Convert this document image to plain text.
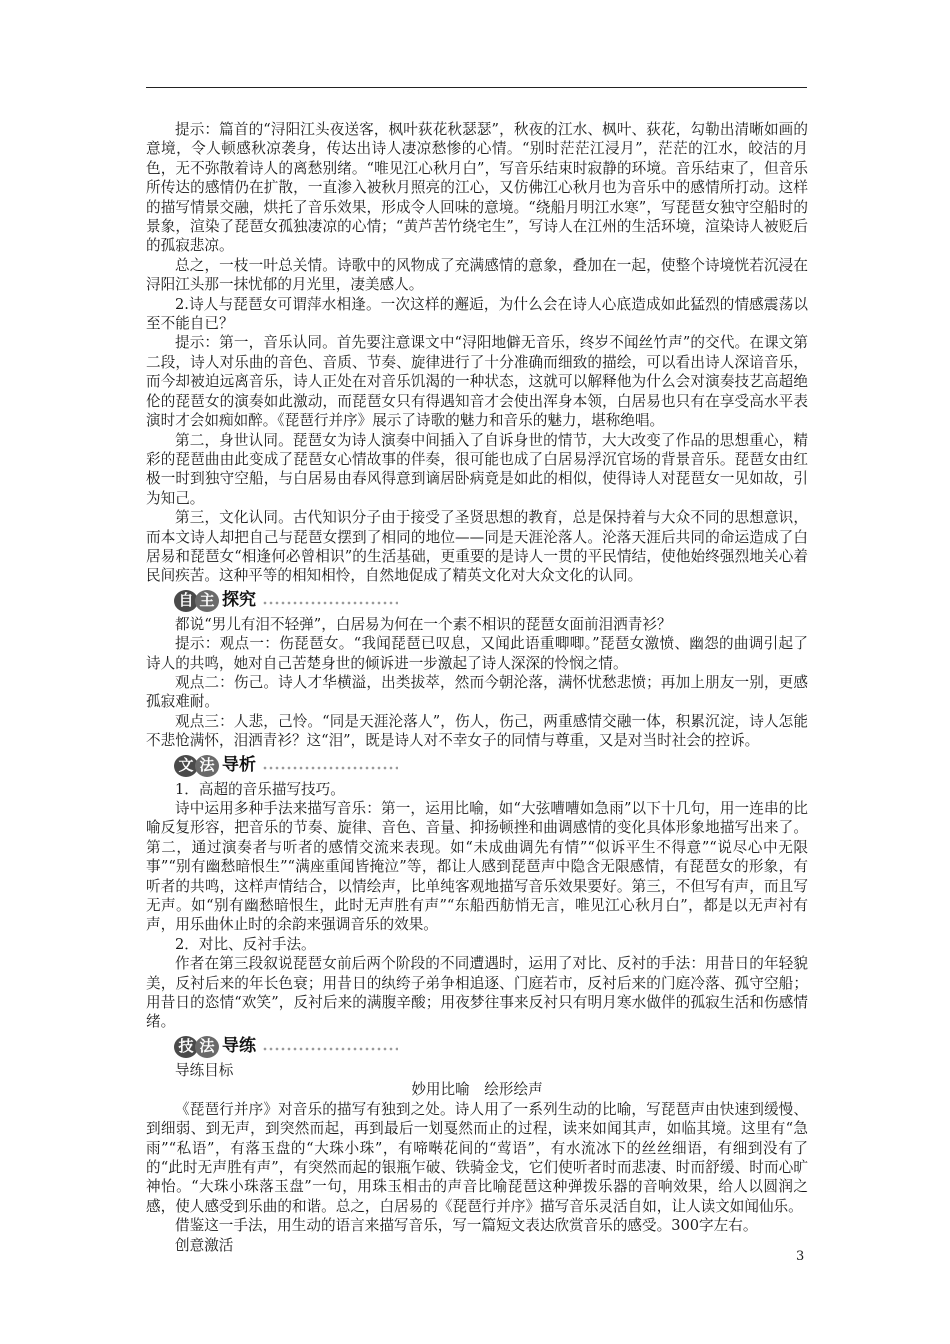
提示：篇首的“浔阳江头夜送客，枫叶荻花秋瑟瑟”，秋夜的江水、枫叶、荻花，勾勒出清晰如画的意境，令人顿感秋凉袭身，传达出诗人凄凉愁惨的心情。“别时茫茫江浸月”，茫茫的江水，皎洁的月色，无不弥散着诗人的离愁别绪。“唯见江心秋月白”，写音乐结束时寂静的环境。音乐结束了，但音乐所传达的感情仍在扩散，一直渗入被秋月照亮的江心，又仿佛江心秋月也为音乐中的感情所打动。这样的描写情景交融，烘托了音乐效果，形成令人回味的意境。“绕船月明江水寒”，写琵琶女独守空船时的景象，渲染了琵琶女孤独凄凉的心情；“黄芦苦竹绕宅生”，写诗人在江州的生活环境，渲染诗人被贬后的孤寂悲凉。

总之，一枝一叶总关情。诗歌中的风物成了充满感情的意象，叠加在一起，使整个诗境恍若沉浸在浔阳江头那一抹忧郁的月光里，凄美感人。

2.诗人与琵琶女可谓萍水相逢。一次这样的邂逅，为什么会在诗人心底造成如此猛烈的情感震荡以至不能自已？

提示：第一，音乐认同。首先要注意课文中“浔阳地僻无音乐，终岁不闻丝竹声”的交代。在课文第二段，诗人对乐曲的音色、音质、节奏、旋律进行了十分准确而细致的描绘，可以看出诗人深谙音乐，而今却被迫远离音乐，诗人正处在对音乐饥渴的一种状态，这就可以解释他为什么会对演奏技艺高超绝伦的琵琶女的演奏如此激动，而琵琶女只有得遇知音才会使出浑身本领，白居易也只有在享受高水平表演时才会如痴如醉。《琵琶行并序》展示了诗歌的魅力和音乐的魅力，堪称绝唱。

第二，身世认同。琵琶女为诗人演奏中间插入了自诉身世的情节，大大改变了作品的思想重心，精彩的琵琶曲由此变成了琵琶女心情故事的伴奏，很可能也成了白居易浮沉官场的背景音乐。琵琶女由红极一时到独守空船，与白居易由春风得意到谪居卧病竟是如此的相似，使得诗人对琵琶女一见如故，引为知己。

第三，文化认同。古代知识分子由于接受了圣贤思想的教育，总是保持着与大众不同的思想意识，而本文诗人却把自己与琵琶女摆到了相同的地位——同是天涯沦落人。沦落天涯后共同的命运造成了白居易和琵琶女“相逢何必曾相识”的生活基础，更重要的是诗人一贯的平民情结，使他始终强烈地关心着民间疾苦。这种平等的相知相怜，自然地促成了精英文化对大众文化的认同。

自 主 探究

都说“男儿有泪不轻弹”，白居易为何在一个素不相识的琵琶女面前泪洒青衫？

提示：观点一：伤琵琶女。“我闻琵琶已叹息，又闻此语重唧唧。”琵琶女激愤、幽怨的曲调引起了诗人的共鸣，她对自己苦楚身世的倾诉进一步激起了诗人深深的怜悯之情。

观点二：伤己。诗人才华横溢，出类拔萃，然而今朝沦落，满怀忧愁悲愤；再加上朋友一别，更感孤寂难耐。

观点三：人悲，己怜。“同是天涯沦落人”，伤人，伤己，两重感情交融一体，积累沉淀，诗人怎能不悲怆满怀，泪洒青衫？这“泪”，既是诗人对不幸女子的同情与尊重，又是对当时社会的控诉。

文 法 导析

1．高超的音乐描写技巧。

诗中运用多种手法来描写音乐：第一，运用比喻，如“大弦嘈嘈如急雨”以下十几句，用一连串的比喻反复形容，把音乐的节奏、旋律、音色、音量、抑扬顿挫和曲调感情的变化具体形象地描写出来了。第二，通过演奏者与听者的感情交流来表现。如“未成曲调先有情”“似诉平生不得意”“说尽心中无限事”“别有幽愁暗恨生”“满座重闻皆掩泣”等，都让人感到琵琶声中隐含无限感情，有琵琶女的形象，有听者的共鸣，这样声情结合，以情绘声，比单纯客观地描写音乐效果要好。第三，不但写有声，而且写无声。如“别有幽愁暗恨生，此时无声胜有声”“东船西舫悄无言，唯见江心秋月白”，都是以无声衬有声，用乐曲休止时的余韵来强调音乐的效果。

2．对比、反衬手法。

作者在第三段叙说琵琶女前后两个阶段的不同遭遇时，运用了对比、反衬的手法：用昔日的年轻貌美，反衬后来的年长色衰；用昔日的纨绔子弟争相追逐、门庭若市，反衬后来的门庭冷落、孤守空船；用昔日的恣情“欢笑”，反衬后来的满腹辛酸；用夜梦往事来反衬只有明月寒水做伴的孤寂生活和伤感情绪。

技 法 导练

导练目标

妙用比喻　绘形绘声

《琵琶行并序》对音乐的描写有独到之处。诗人用了一系列生动的比喻，写琵琶声由快速到缓慢、到细弱、到无声，到突然而起，再到最后一划戛然而止的过程，读来如闻其声，如临其境。这里有“急雨”“私语”，有落玉盘的“大珠小珠”，有啼啭花间的“莺语”，有水流冰下的丝丝细语，有细到没有了的“此时无声胜有声”，有突然而起的银瓶乍破、铁骑金戈，它们使听者时而悲凄、时而舒缓、时而心旷神怡。“大珠小珠落玉盘”一句，用珠玉相击的声音比喻琵琶这种弹拨乐器的音响效果，给人以圆润之感，使人感受到乐曲的和谐。总之，白居易的《琵琶行并序》描写音乐灵活自如，让人读文如闻仙乐。

借鉴这一手法，用生动的语言来描写音乐，写一篇短文表达欣赏音乐的感受。300字左右。

创意激活

3
